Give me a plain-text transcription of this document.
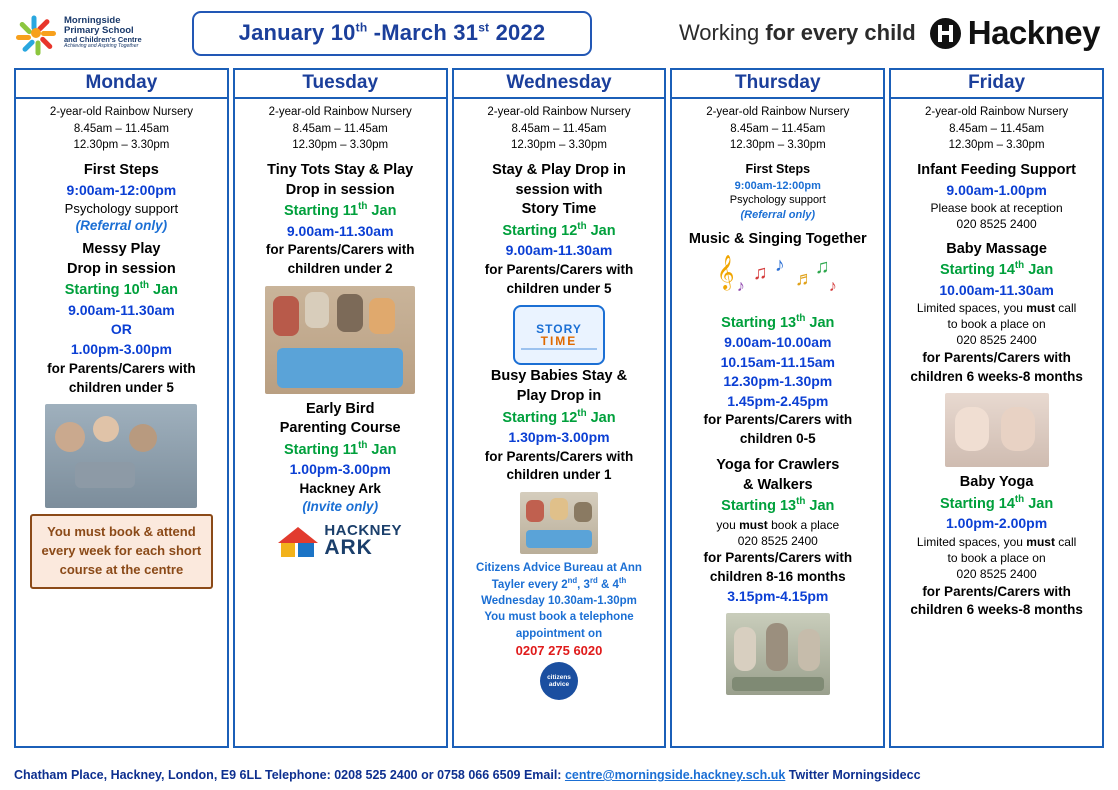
Morningside
Primary School
and Children's Centre
Achieving and Aspiring Together
January 10th -March 31st 2022	Working for every child Hackney
Monday
2-year-old Rainbow Nursery
8.45am – 11.45am
12.30pm – 3.30pm
First Steps
9:00am-12:00pm
Psychology support
(Referral only)
Messy Play
Drop in session
Starting 10th Jan
9.00am-11.30am
OR
1.00pm-3.00pm
for Parents/Carers with children under 5
You must book & attend every week for each short course at the centre
Tuesday
2-year-old Rainbow Nursery
8.45am – 11.45am
12.30pm – 3.30pm
Tiny Tots Stay & Play
Drop in session
Starting 11th Jan
9.00am-11.30am
for Parents/Carers with children under 2
Early Bird
Parenting Course
Starting 11th Jan
1.00pm-3.00pm
Hackney Ark
(Invite only)
HACKNEY
ARK
Wednesday
2-year-old Rainbow Nursery
8.45am – 11.45am
12.30pm – 3.30pm
Stay & Play Drop in
session with
Story Time
Starting 12th Jan
9.00am-11.30am
for Parents/Carers with children under 5
STORY
TIME
Busy Babies Stay &
Play Drop in
Starting 12th Jan
1.30pm-3.00pm
for Parents/Carers with children under 1
Citizens Advice Bureau at Ann Tayler every 2nd, 3rd & 4th Wednesday 10.30am-1.30pm
You must book a telephone appointment on
0207 275 6020
citizens advice
Thursday
2-year-old Rainbow Nursery
8.45am – 11.45am
12.30pm – 3.30pm
First Steps
9:00am-12:00pm
Psychology support
(Referral only)
Music & Singing Together
𝄞 ♫ ♪
♬
♫
♪	♪
Starting 13th Jan
9.00am-10.00am
10.15am-11.15am
12.30pm-1.30pm
1.45pm-2.45pm
for Parents/Carers with children 0-5
Yoga for Crawlers
& Walkers
Starting 13th Jan
you must book a place
020 8525 2400
for Parents/Carers with children 8-16 months
3.15pm-4.15pm
Friday
2-year-old Rainbow Nursery
8.45am – 11.45am
12.30pm – 3.30pm
Infant Feeding Support
9.00am-1.00pm
Please book at reception
020 8525 2400
Baby Massage
Starting 14th Jan
10.00am-11.30am
Limited spaces, you must call
to book a place on
020 8525 2400
for Parents/Carers with children 6 weeks-8 months
Baby Yoga
Starting 14th Jan
1.00pm-2.00pm
Limited spaces, you must call
to book a place on
020 8525 2400
for Parents/Carers with children 6 weeks-8 months
Chatham Place, Hackney, London, E9 6LL Telephone: 0208 525 2400 or 0758 066 6509 Email: centre@morningside.hackney.sch.uk Twitter Morningsidecc
